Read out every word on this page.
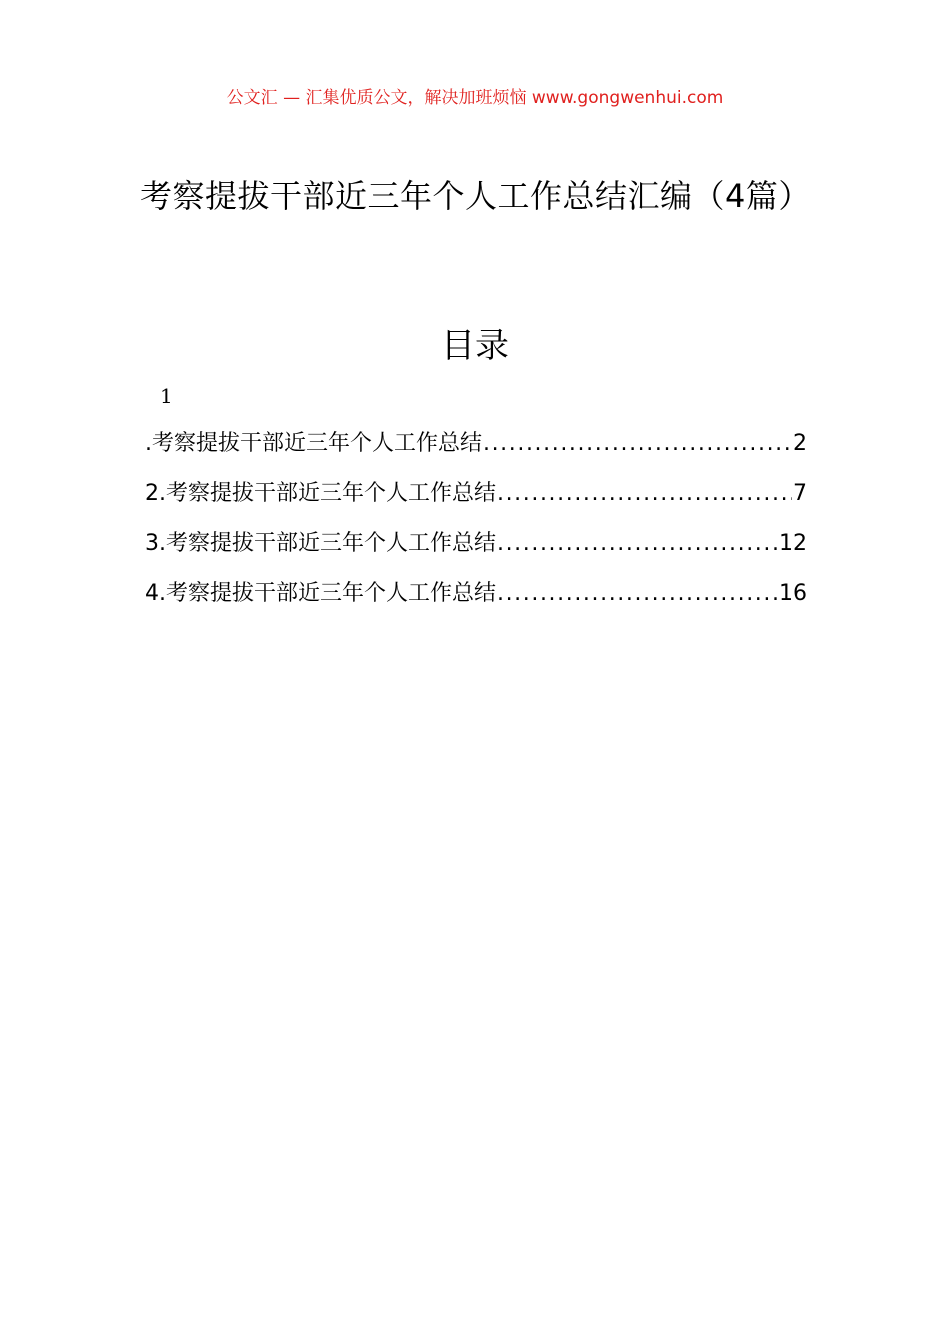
公文汇 — 汇集优质公文，解决加班烦恼 www.gongwenhui.com
考察提拔干部近三年个人工作总结汇编（4篇）
目录
1
.考察提拔干部近三年个人工作总结 .....	2
2.考察提拔干部近三年个人工作总结 .....	7
3.考察提拔干部近三年个人工作总结 .....	12
4.考察提拔干部近三年个人工作总结 .....	16
